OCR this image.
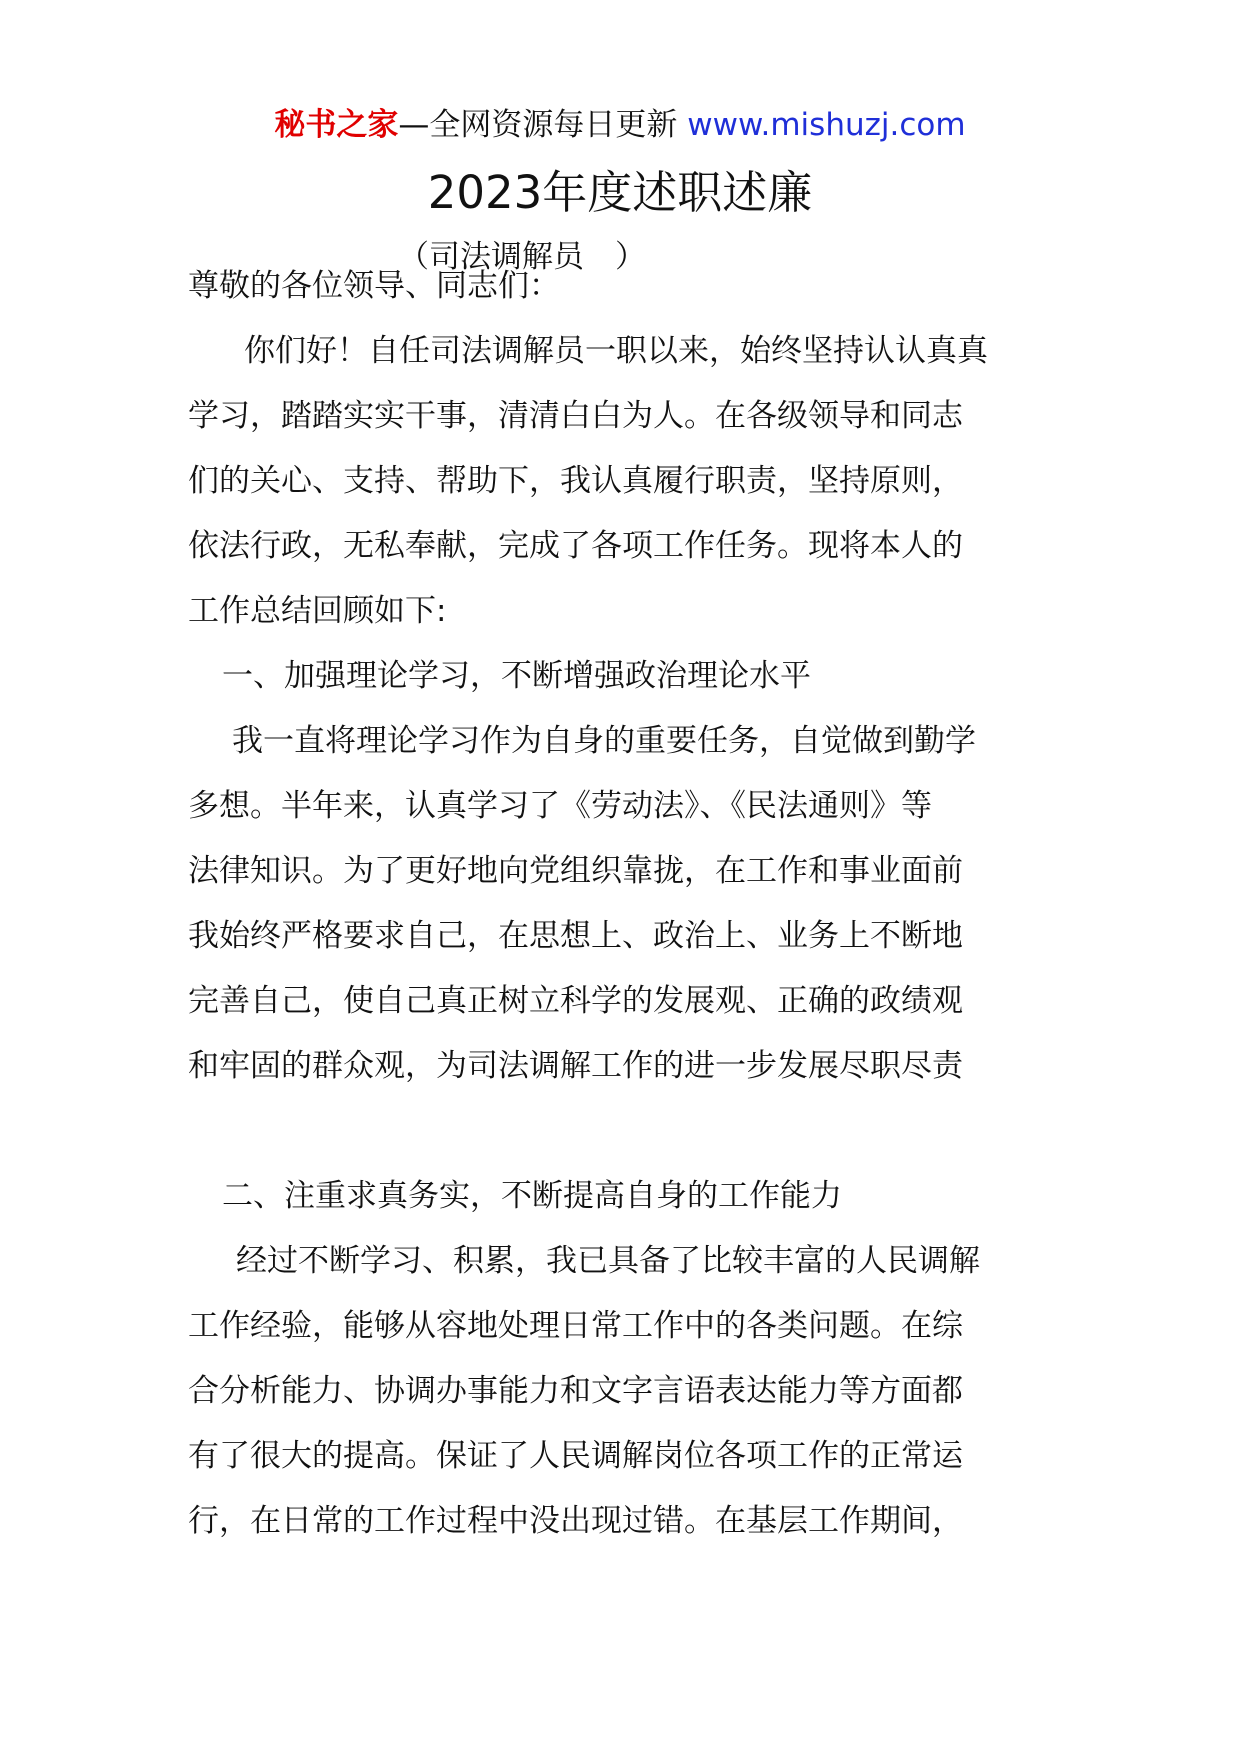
秘书之家—全网资源每日更新 www.mishuzj.com
2023年度述职述廉
（司法调解员　）
尊敬的各位领导、同志们：
你们好！自任司法调解员一职以来，始终坚持认认真真
学习，踏踏实实干事，清清白白为人。在各级领导和同志
们的关心、支持、帮助下，我认真履行职责，坚持原则，
依法行政，无私奉献，完成了各项工作任务。现将本人的
工作总结回顾如下:
一、加强理论学习，不断增强政治理论水平
我一直将理论学习作为自身的重要任务，自觉做到勤学
多想。半年来，认真学习了《劳动法》、《民法通则》等
法律知识。为了更好地向党组织靠拢，在工作和事业面前
我始终严格要求自己，在思想上、政治上、业务上不断地
完善自己，使自己真正树立科学的发展观、正确的政绩观
和牢固的群众观，为司法调解工作的进一步发展尽职尽责
二、注重求真务实，不断提高自身的工作能力
经过不断学习、积累，我已具备了比较丰富的人民调解
工作经验，能够从容地处理日常工作中的各类问题。在综
合分析能力、协调办事能力和文字言语表达能力等方面都
有了很大的提高。保证了人民调解岗位各项工作的正常运
行，在日常的工作过程中没出现过错。在基层工作期间，
